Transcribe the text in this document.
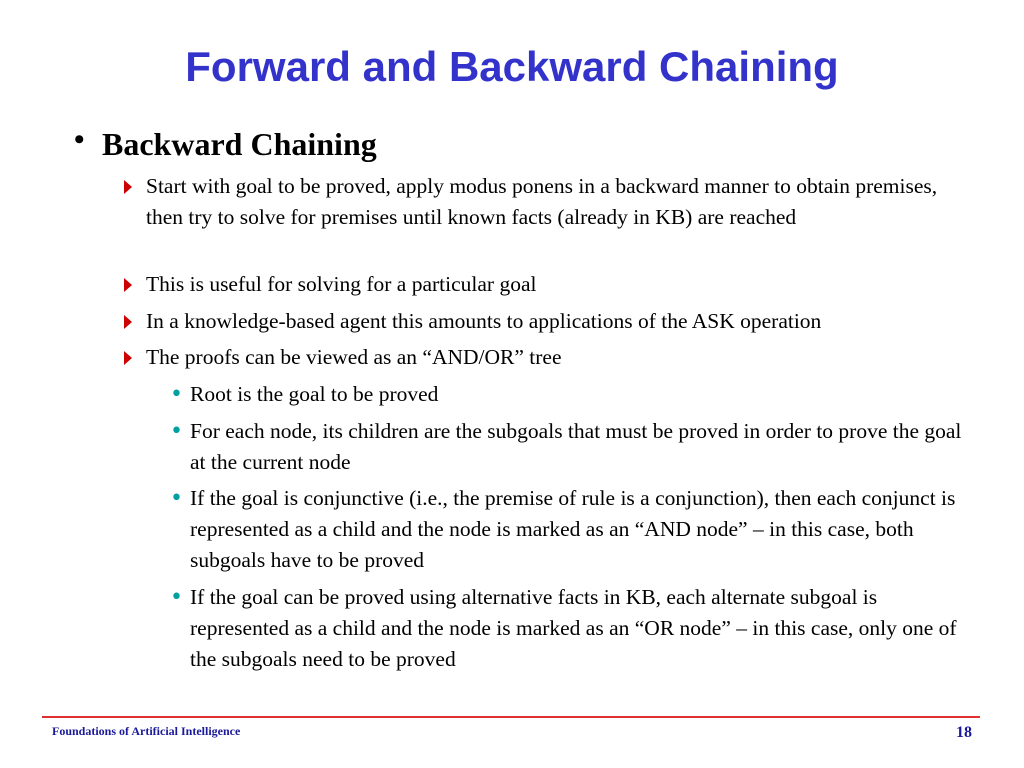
Forward and Backward Chaining
• Backward Chaining
Start with goal to be proved, apply modus ponens in a backward manner to obtain premises, then try to solve for premises until known facts (already in KB) are reached
This is useful for solving for a particular goal
In a knowledge-based agent this amounts to applications of the ASK operation
The proofs can be viewed as an “AND/OR” tree
• Root is the goal to be proved
• For each node, its children are the subgoals that must be proved in order to prove the goal at the current node
• If the goal is conjunctive (i.e., the premise of rule is a conjunction), then each conjunct is represented as a child and the node is marked as an “AND node” – in this case, both subgoals have to be proved
• If the goal can be proved using alternative facts in KB, each alternate subgoal is represented as a child and the node is marked as an “OR node” – in this case, only one of the subgoals need to be proved
Foundations of Artificial Intelligence	18
